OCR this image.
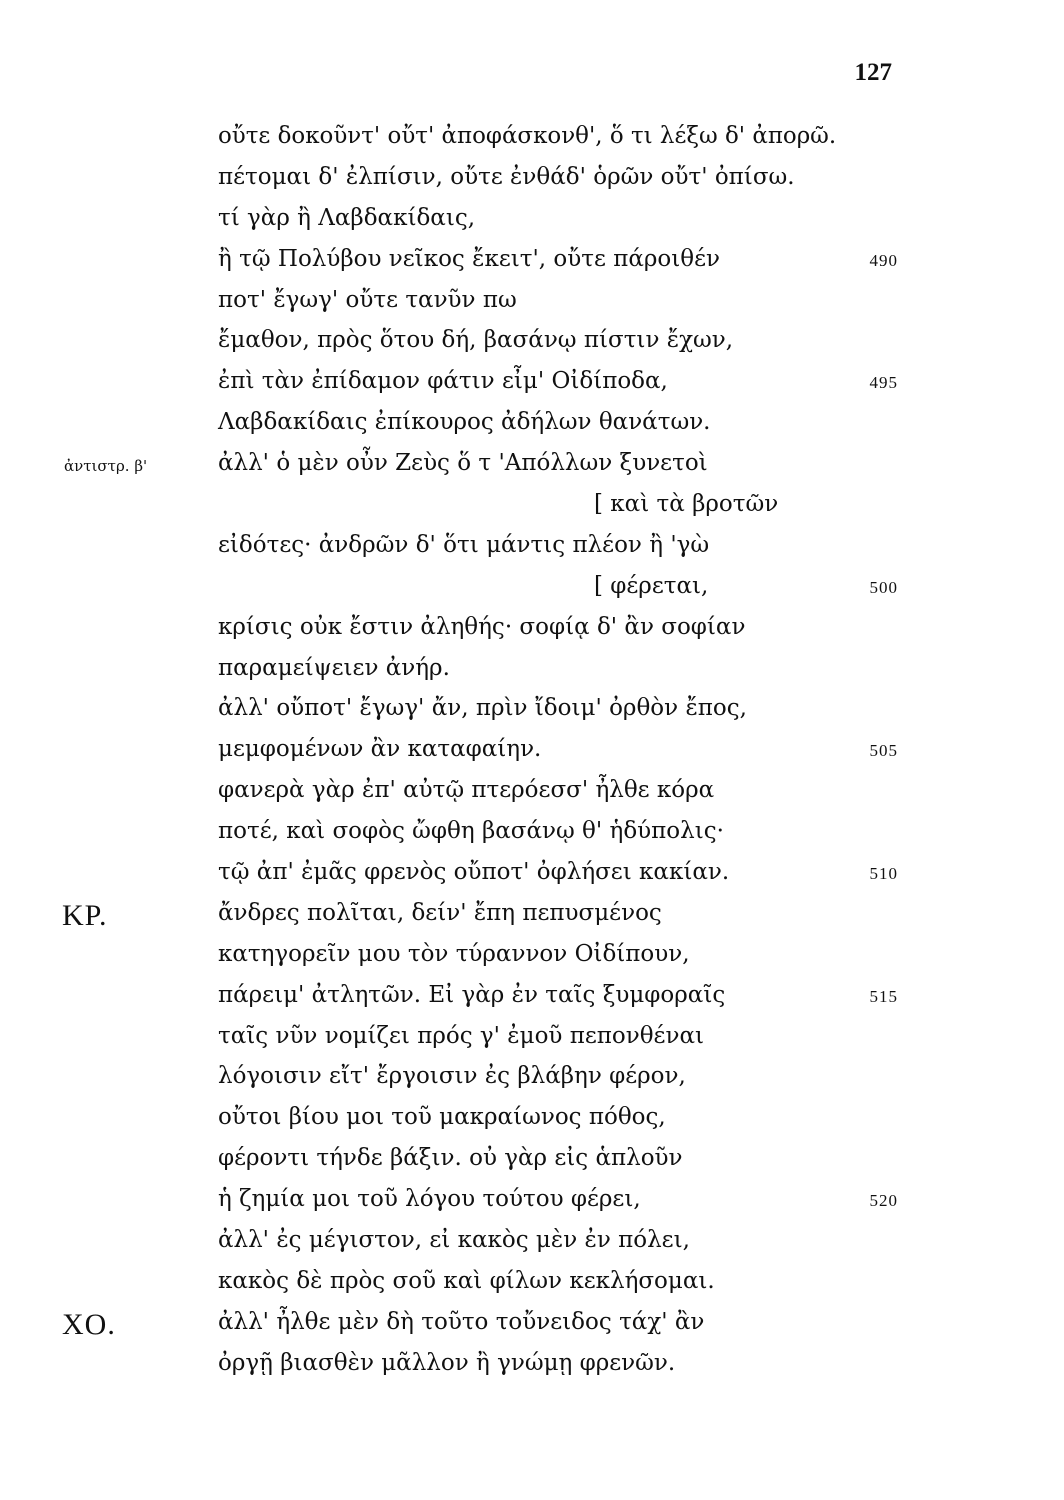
127
οὔτε δοκοῦντ' οὔτ' ἀποφάσκονθ', ὅ τι λέξω δ' ἀπορῶ.
πέτομαι δ' ἐλπίσιν, οὔτε ἐνθάδ' ὁρῶν οὔτ' ὀπίσω.
τί γὰρ ἢ Λαβδακίδαις,
ἢ τῷ Πολύβου νεῖκος ἔκειτ', οὔτε πάροιθέν	490
ποτ' ἔγωγ' οὔτε τανῦν πω
ἔμαθον, πρὸς ὅτου δή, βασάνῳ πίστιν ἔχων,
ἐπὶ τὰν ἐπίδαμον φάτιν εἶμ' Οἰδίποδα,	495
Λαβδακίδαις ἐπίκουρος ἀδήλων θανάτων.
ἀντιστρ. β'	ἀλλ' ὁ μὲν οὖν Ζεὺς ὅ τ 'Απόλλων ξυνετοὶ
[ καὶ τὰ βροτῶν
εἰδότες· ἀνδρῶν δ' ὅτι μάντις πλέον ἢ 'γὼ
[ φέρεται,	500
κρίσις οὐκ ἔστιν ἀληθής· σοφίᾳ δ' ἂν σοφίαν
παραμείψειεν ἀνήρ.
ἀλλ' οὔποτ' ἔγωγ' ἄν, πρὶν ἴδοιμ' ὀρθὸν ἔπος,
μεμφομένων ἂν καταφαίην.	505
φανερὰ γὰρ ἐπ' αὐτῷ πτερόεσσ' ἦλθε κόρα
ποτέ, καὶ σοφὸς ὤφθη βασάνῳ θ' ἡδύπολις·
τῷ ἀπ' ἐμᾶς φρενὸς οὔποτ' ὀφλήσει κακίαν.	510
ΚΡ.	ἄνδρες πολῖται, δείν' ἔπη πεπυσμένος
κατηγορεῖν μου τὸν τύραννον Οἰδίπουν,
πάρειμ' ἀτλητῶν. Εἰ γὰρ ἐν ταῖς ξυμφοραῖς	515
ταῖς νῦν νομίζει πρός γ' ἐμοῦ πεπονθέναι
λόγοισιν εἴτ' ἔργοισιν ἐς βλάβην φέρον,
οὔτοι βίου μοι τοῦ μακραίωνος πόθος,
φέροντι τήνδε βάξιν. οὐ γὰρ εἰς ἁπλοῦν
ἡ ζημία μοι τοῦ λόγου τούτου φέρει,	520
ἀλλ' ἐς μέγιστον, εἰ κακὸς μὲν ἐν πόλει,
κακὸς δὲ πρὸς σοῦ καὶ φίλων κεκλήσομαι.
ΧΟ.	ἀλλ' ἦλθε μὲν δὴ τοῦτο τοὔνειδος τάχ' ἂν
ὀργῇ βιασθὲν μᾶλλον ἢ γνώμῃ φρενῶν.
